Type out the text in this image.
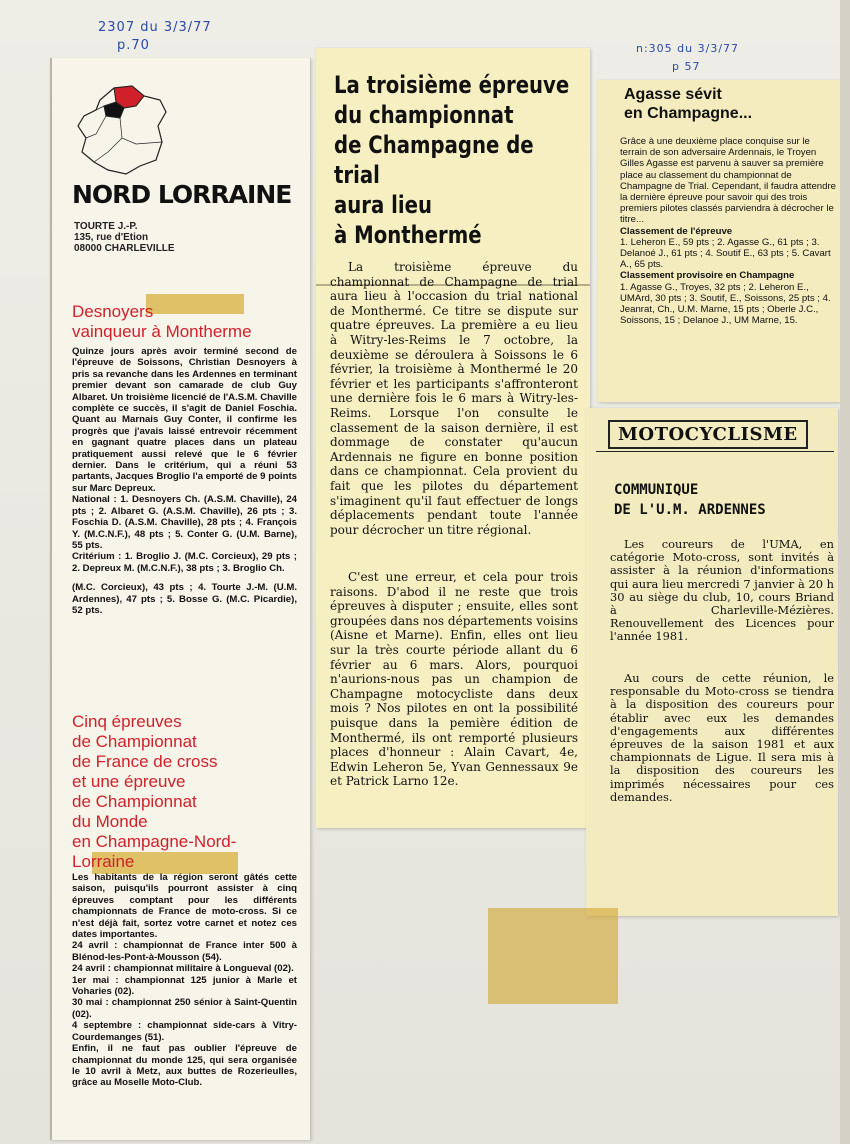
2307 du 3/3/77
p.70	n:305 du 3/3/77
p 57
NORD LORRAINE
TOURTE J.-P.
135, rue d'Etion
08000 CHARLEVILLE
Desnoyers
vainqueur à Montherme
Quinze jours après avoir terminé second de l'épreuve de Soissons, Christian Desnoyers à pris sa revanche dans les Ardennes en terminant premier devant son camarade de club Guy Albaret. Un troisième licencié de l'A.S.M. Chaville complète ce succès, il s'agit de Daniel Foschia. Quant au Marnais Guy Conter, il confirme les progrès que j'avais laissé entrevoir récemment en gagnant quatre places dans un plateau pratiquement aussi relevé que le 6 février dernier. Dans le critérium, qui a réuni 53 partants, Jacques Broglio l'a emporté de 9 points sur Marc Depreux.
National : 1. Desnoyers Ch. (A.S.M. Chaville), 24 pts ; 2. Albaret G. (A.S.M. Chaville), 26 pts ; 3. Foschia D. (A.S.M. Chaville), 28 pts ; 4. François Y. (M.C.N.F.), 48 pts ; 5. Conter G. (U.M. Barne), 55 pts.
Critérium : 1. Broglio J. (M.C. Corcieux), 29 pts ; 2. Depreux M. (M.C.N.F.), 38 pts ; 3. Broglio Ch.
(M.C. Corcieux), 43 pts ; 4. Tourte J.-M. (U.M. Ardennes), 47 pts ; 5. Bosse G. (M.C. Picardie), 52 pts.
Cinq épreuves
de Championnat
de France de cross
et une épreuve
de Championnat
du Monde
en Champagne-Nord-
Lorraine
Les habitants de la région seront gâtés cette saison, puisqu'ils pourront assister à cinq épreuves comptant pour les différents championnats de France de moto-cross. Si ce n'est déjà fait, sortez votre carnet et notez ces dates importantes.
24 avril : championnat de France inter 500 à Blénod-les-Pont-à-Mousson (54).
24 avril : championnat militaire à Longueval (02).
1er mai : championnat 125 junior à Marle et Voharies (02).
30 mai : championnat 250 sénior à Saint-Quentin (02).
4 septembre : championnat side-cars à Vitry-Courdemanges (51).
Enfin, il ne faut pas oublier l'épreuve de championnat du monde 125, qui sera organisée le 10 avril à Metz, aux buttes de Rozerieulles, grâce au Moselle Moto-Club.
La troisième épreuve
du championnat
de Champagne de trial
aura lieu
à Monthermé
La troisième épreuve du championnat de Champagne de trial aura lieu à l'occasion du trial national de Monthermé. Ce titre se dispute sur quatre épreuves. La première a eu lieu à Witry-les-Reims le 7 octobre, la deuxième se déroulera à Soissons le 6 février, la troisième à Monthermé le 20 février et les participants s'affronteront une dernière fois le 6 mars à Witry-les-Reims. Lorsque l'on consulte le classement de la saison dernière, il est dommage de constater qu'aucun Ardennais ne figure en bonne position dans ce championnat. Cela provient du fait que les pilotes du département s'imaginent qu'il faut effectuer de longs déplacements pendant toute l'année pour décrocher un titre régional.
C'est une erreur, et cela pour trois raisons. D'abod il ne reste que trois épreuves à disputer ; ensuite, elles sont groupées dans nos départements voisins (Aisne et Marne). Enfin, elles ont lieu sur la très courte période allant du 6 février au 6 mars. Alors, pourquoi n'aurions-nous pas un champion de Champagne motocycliste dans deux mois ? Nos pilotes en ont la possibilité puisque dans la pemière édition de Monthermé, ils ont remporté plusieurs places d'honneur : Alain Cavart, 4e, Edwin Leheron 5e, Yvan Gennessaux 9e et Patrick Larno 12e.
Agasse sévit
en Champagne...
Grâce à une deuxième place conquise sur le terrain de son adversaire Ardennais, le Troyen Gilles Agasse est parvenu à sauver sa première place au classement du championnat de Champagne de Trial. Cependant, il faudra attendre la dernière épreuve pour savoir qui des trois premiers pilotes classés parviendra à décrocher le titre...
Classement de l'épreuve
1. Leheron E., 59 pts ; 2. Agasse G., 61 pts ; 3. Delanoé J., 61 pts ; 4. Soutif E., 63 pts ; 5. Cavart A., 65 pts.
Classement provisoire en Champagne
1. Agasse G., Troyes, 32 pts ; 2. Leheron E., UMArd, 30 pts ; 3. Soutif, E., Soissons, 25 pts ; 4. Jeanrat, Ch., U.M. Marne, 15 pts ; Oberle J.C., Soissons, 15 ; Delanoe J., UM Marne, 15.
MOTOCYCLISME
COMMUNIQUE
DE L'U.M. ARDENNES
Les coureurs de l'UMA, en catégorie Moto-cross, sont invités à assister à la réunion d'informations qui aura lieu mercredi 7 janvier à 20 h 30 au siège du club, 10, cours Briand à Charleville-Mézières. Renouvellement des Licences pour l'année 1981.
Au cours de cette réunion, le responsable du Moto-cross se tiendra à la disposition des coureurs pour établir avec eux les demandes d'engagements aux différentes épreuves de la saison 1981 et aux championnats de Ligue. Il sera mis à la disposition des coureurs les imprimés nécessaires pour ces demandes.
